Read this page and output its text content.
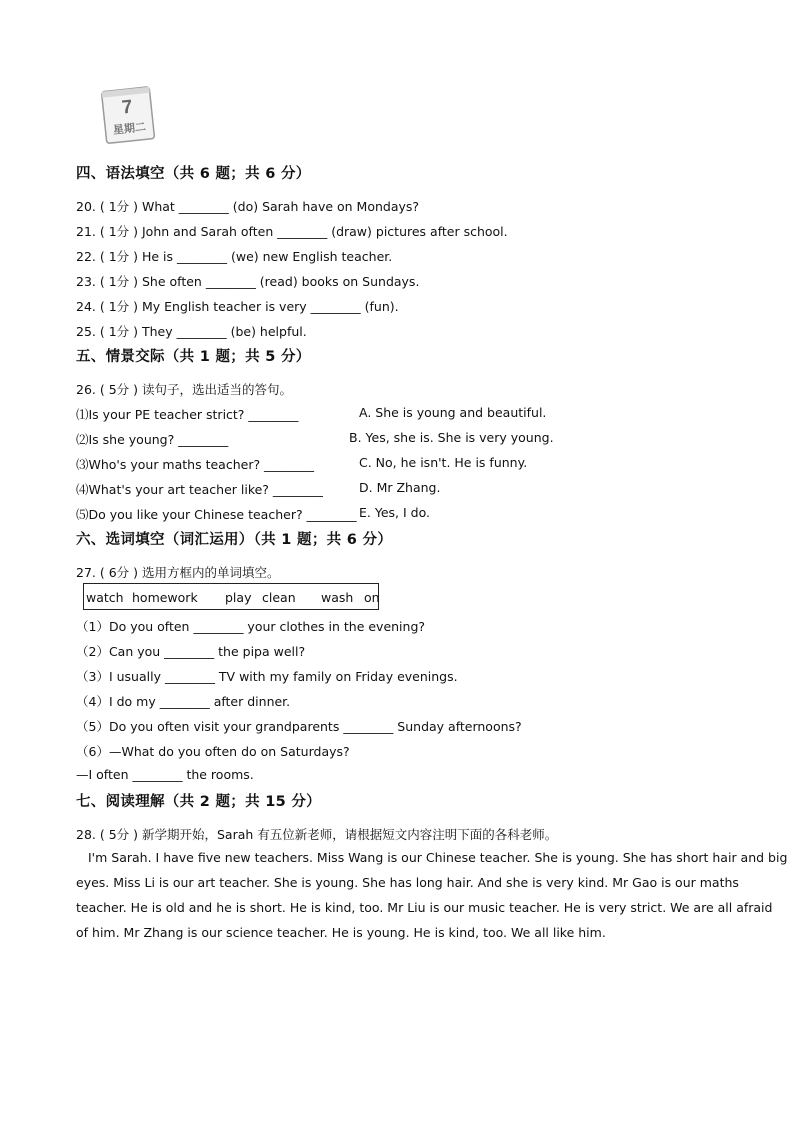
7
星期二
四、语法填空（共 6 题；共 6 分）
20. ( 1分 ) What ________ (do) Sarah have on Mondays?
21. ( 1分 ) John and Sarah often ________ (draw) pictures after school.
22. ( 1分 ) He is ________ (we) new English teacher.
23. ( 1分 ) She often ________ (read) books on Sundays.
24. ( 1分 ) My English teacher is very ________ (fun).
25. ( 1分 ) They ________ (be) helpful.
五、情景交际（共 1 题；共 5 分）
26. ( 5分 ) 读句子，选出适当的答句。
⑴Is your PE teacher strict? ________	A. She is young and beautiful.
⑵Is she young? ________	B. Yes, she is. She is very young.
⑶Who's your maths teacher? ________	C. No, he isn't. He is funny.
⑷What's your art teacher like? ________	D. Mr Zhang.
⑸Do you like your Chinese teacher? ________ E. Yes, I do.
六、选词填空（词汇运用）（共 1 题；共 6 分）
27. ( 6分 ) 选用方框内的单词填空。
watch homework play clean wash on
（1）Do you often ________ your clothes in the evening?
（2）Can you ________ the pipa well?
（3）I usually ________ TV with my family on Friday evenings.
（4）I do my ________ after dinner.
（5）Do you often visit your grandparents ________ Sunday afternoons?
（6）—What do you often do on Saturdays?
—I often ________ the rooms.
七、阅读理解（共 2 题；共 15 分）
28. ( 5分 ) 新学期开始，Sarah 有五位新老师，请根据短文内容注明下面的各科老师。
I'm Sarah. I have five new teachers. Miss Wang is our Chinese teacher. She is young. She has short hair and big
eyes. Miss Li is our art teacher. She is young. She has long hair. And she is very kind. Mr Gao is our maths
teacher. He is old and he is short. He is kind, too. Mr Liu is our music teacher. He is very strict. We are all afraid
of him. Mr Zhang is our science teacher. He is young. He is kind, too. We all like him.
